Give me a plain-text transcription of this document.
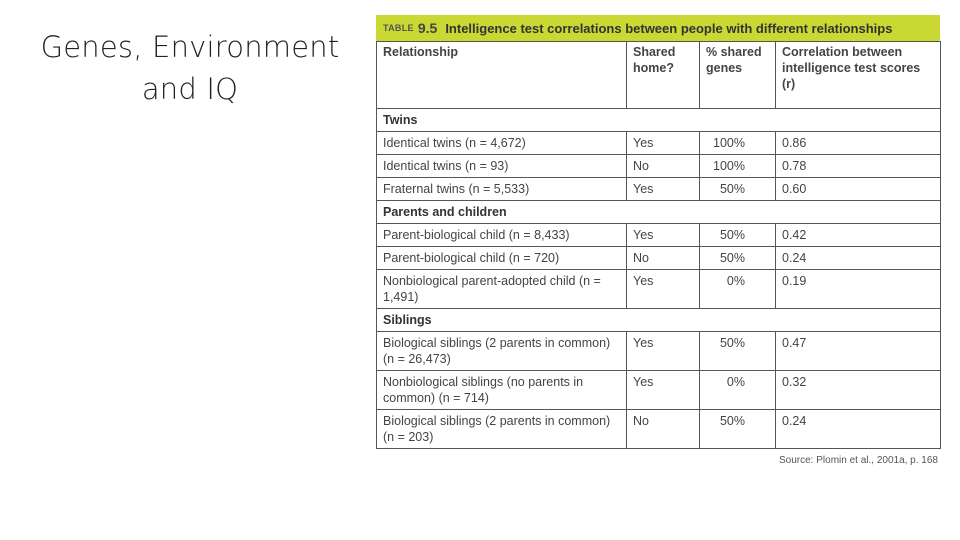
Genes, Environment
and IQ
TABLE 9.5 Intelligence test correlations between people with different relationships
Relationship	Shared home?	% shared genes	Correlation between intelligence test scores (r)
Twins			
Identical twins (n = 4,672)	Yes	100%	0.86
Identical twins (n = 93)	No	100%	0.78
Fraternal twins (n = 5,533)	Yes	50%	0.60
Parents and children			
Parent-biological child (n = 8,433)	Yes	50%	0.42
Parent-biological child (n = 720)	No	50%	0.24
Nonbiological parent-adopted child (n = 1,491)	Yes	0%	0.19
Siblings			
Biological siblings (2 parents in common) (n = 26,473)	Yes	50%	0.47
Nonbiological siblings (no parents in common) (n = 714)	Yes	0%	0.32
Biological siblings (2 parents in common) (n = 203)	No	50%	0.24
Source: Plomin et al., 2001a, p. 168
